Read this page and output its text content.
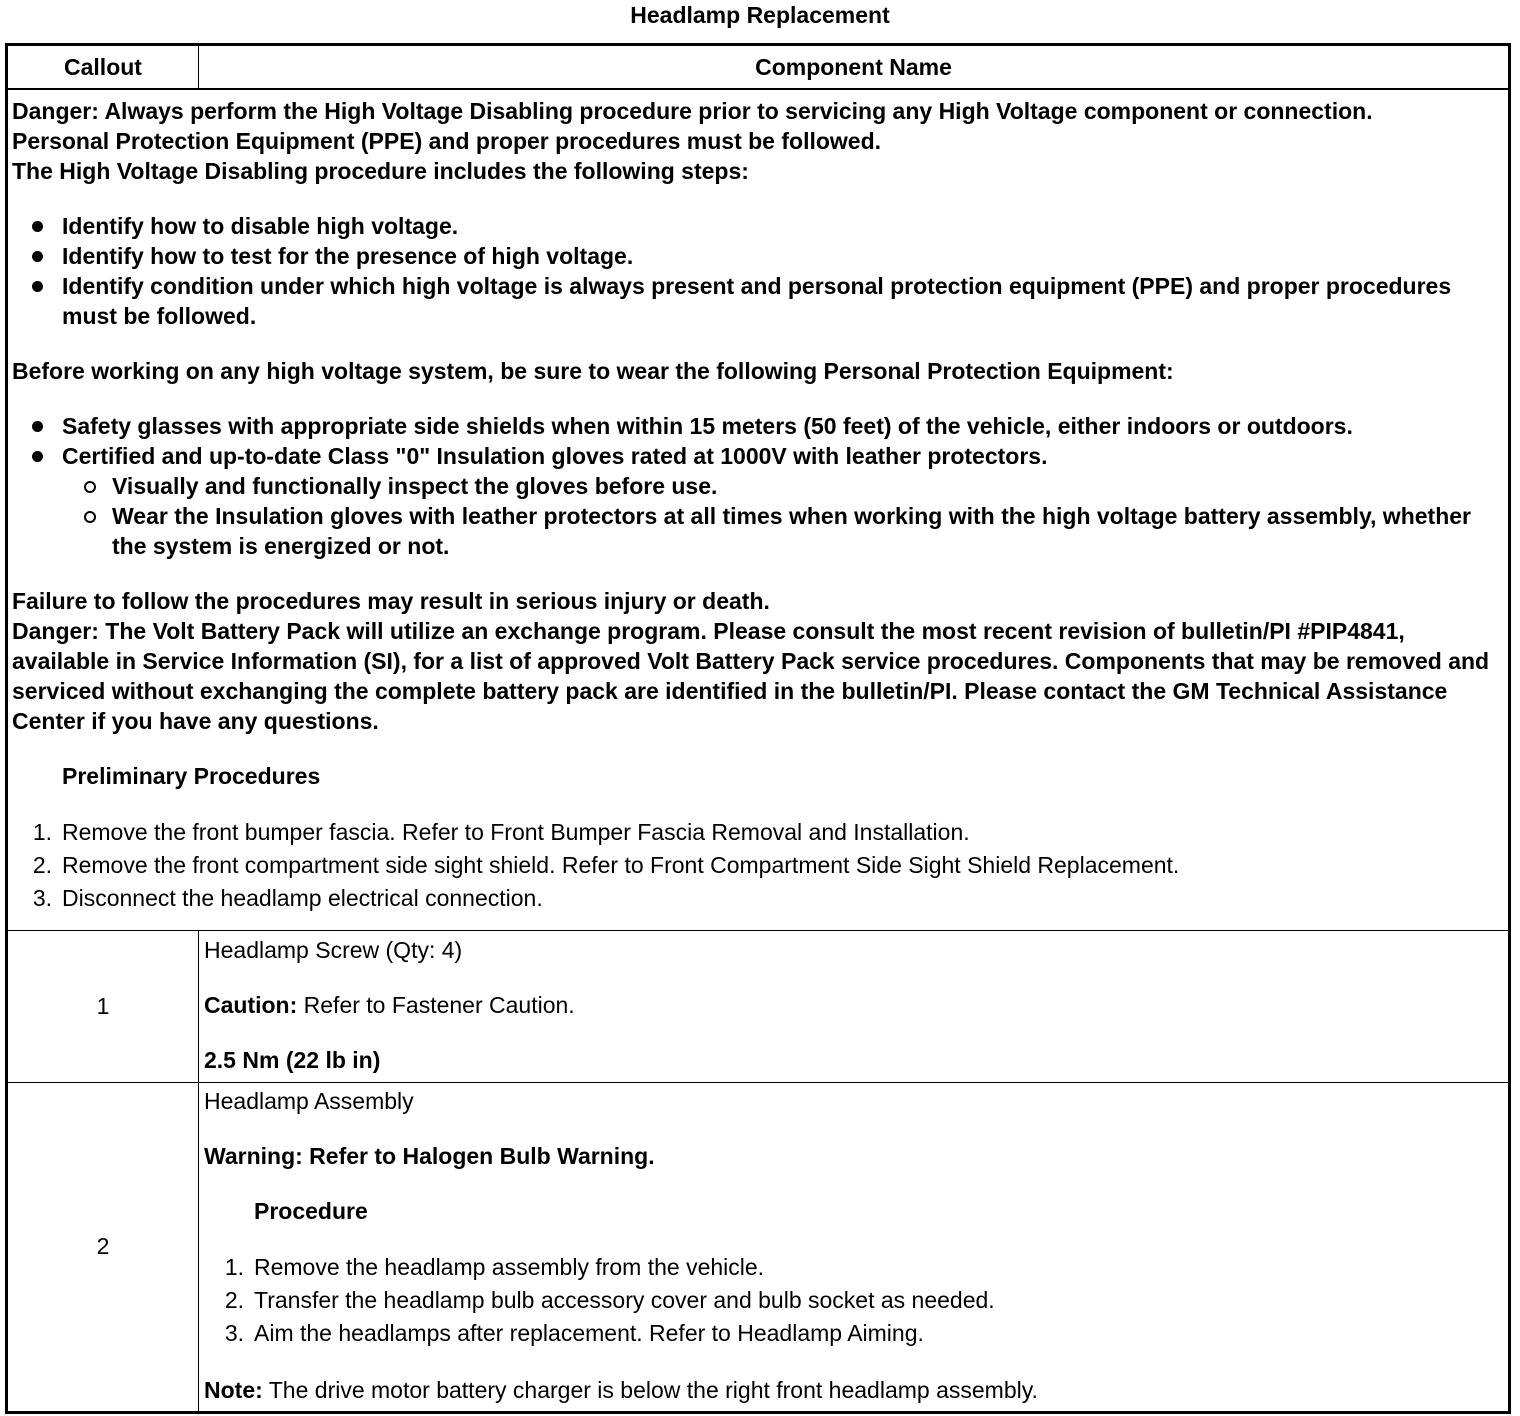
Headlamp Replacement
Callout	Component Name

Danger: Always perform the High Voltage Disabling procedure prior to servicing any High Voltage component or connection.

Personal Protection Equipment (PPE) and proper procedures must be followed.

The High Voltage Disabling procedure includes the following steps:

Identify how to disable high voltage.
Identify how to test for the presence of high voltage.
Identify condition under which high voltage is always present and personal protection equipment (PPE) and proper procedures must be followed.

Before working on any high voltage system, be sure to wear the following Personal Protection Equipment:

Safety glasses with appropriate side shields when within 15 meters (50 feet) of the vehicle, either indoors or outdoors.
Certified and up-to-date Class "0" Insulation gloves rated at 1000V with leather protectors.
Visually and functionally inspect the gloves before use.
Wear the Insulation gloves with leather protectors at all times when working with the high voltage battery assembly, whether the system is energized or not.

Failure to follow the procedures may result in serious injury or death.

Danger: The Volt Battery Pack will utilize an exchange program. Please consult the most recent revision of bulletin/PI #PIP4841, available in Service Information (SI), for a list of approved Volt Battery Pack service procedures. Components that may be removed and serviced without exchanging the complete battery pack are identified in the bulletin/PI. Please contact the GM Technical Assistance Center if you have any questions.

Preliminary Procedures

1. Remove the front bumper fascia. Refer to Front Bumper Fascia Removal and Installation.
2. Remove the front compartment side sight shield. Refer to Front Compartment Side Sight Shield Replacement.
3. Disconnect the headlamp electrical connection.
1

Headlamp Screw (Qty: 4)

Caution: Refer to Fastener Caution.

2.5 Nm (22 lb in)

2

Headlamp Assembly

Warning: Refer to Halogen Bulb Warning.

Procedure

1. Remove the headlamp assembly from the vehicle.
2. Transfer the headlamp bulb accessory cover and bulb socket as needed.
3. Aim the headlamps after replacement. Refer to Headlamp Aiming.

Note: The drive motor battery charger is below the right front headlamp assembly.
